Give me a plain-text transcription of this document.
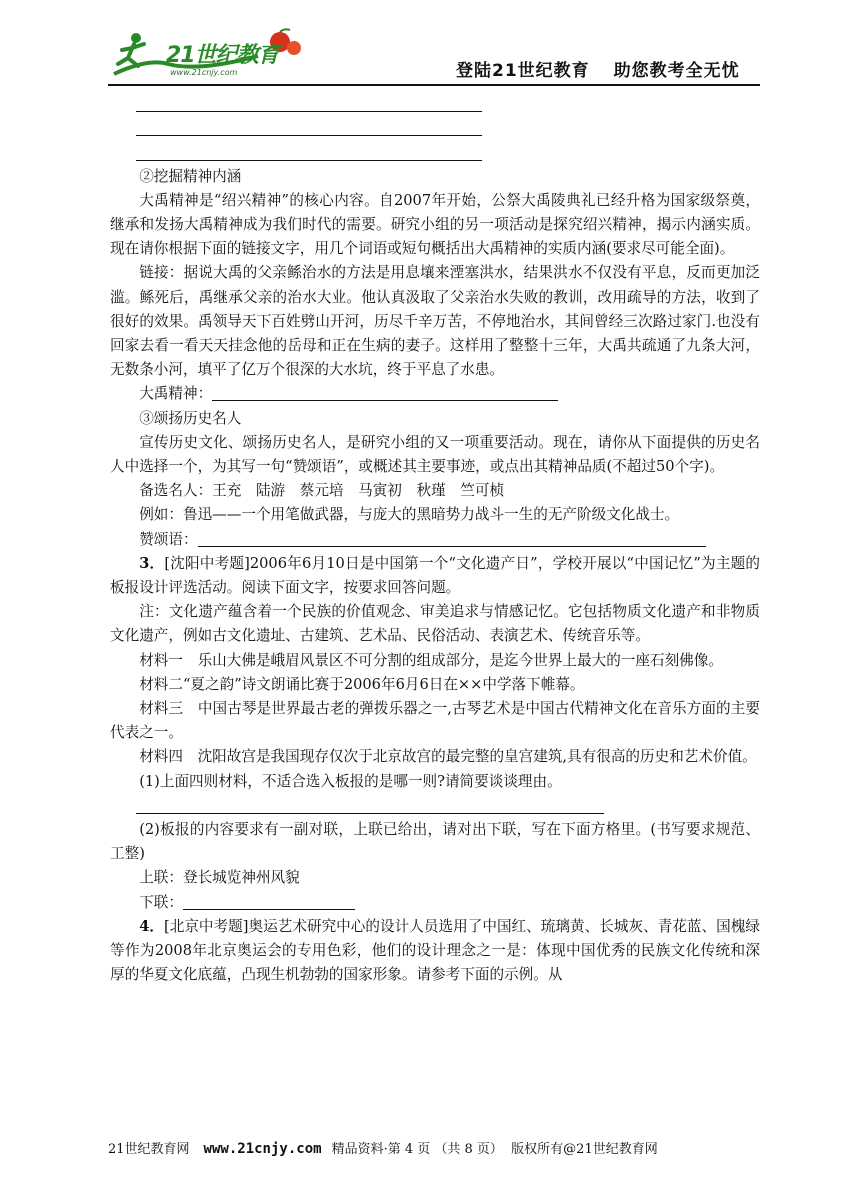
21世纪教育
www.21cnjy.com	登陆21世纪教育 助您教考全无忧

②挖掘精神内涵

大禹精神是“绍兴精神”的核心内容。自2007年开始，公祭大禹陵典礼已经升格为国家级祭奠，继承和发扬大禹精神成为我们时代的需要。研究小组的另一项活动是探究绍兴精神，揭示内涵实质。现在请你根据下面的链接文字，用几个词语或短句概括出大禹精神的实质内涵(要求尽可能全面)。

链接：据说大禹的父亲鲧治水的方法是用息壤来湮塞洪水，结果洪水不仅没有平息，反而更加泛滥。鲧死后，禹继承父亲的治水大业。他认真汲取了父亲治水失败的教训，改用疏导的方法，收到了很好的效果。禹领导天下百姓劈山开河，历尽千辛万苦，不停地治水，其间曾经三次路过家门.也没有回家去看一看天天挂念他的岳母和正在生病的妻子。这样用了整整十三年，大禹共疏通了九条大河，无数条小河，填平了亿万个很深的大水坑，终于平息了水患。

大禹精神：

③颂扬历史名人

宣传历史文化、颂扬历史名人，是研究小组的又一项重要活动。现在，请你从下面提供的历史名人中选择一个，为其写一句“赞颂语”，或概述其主要事迹，或点出其精神品质(不超过50个字)。

备选名人：王充　陆游　蔡元培　马寅初　秋瑾　竺可桢

例如：鲁迅——一个用笔做武器，与庞大的黑暗势力战斗一生的无产阶级文化战士。

赞颂语：

3．[沈阳中考题]2006年6月10日是中国第一个“文化遗产日”，学校开展以“中国记忆”为主题的板报设计评选活动。阅读下面文字，按要求回答问题。

注：文化遗产蕴含着一个民族的价值观念、审美追求与情感记忆。它包括物质文化遗产和非物质文化遗产，例如古文化遗址、古建筑、艺术品、民俗活动、表演艺术、传统音乐等。

材料一　乐山大佛是峨眉风景区不可分割的组成部分，是迄今世界上最大的一座石刻佛像。

材料二“夏之韵”诗文朗诵比赛于2006年6月6日在××中学落下帷幕。

材料三　中国古琴是世界最古老的弹拨乐器之一,古琴艺术是中国古代精神文化在音乐方面的主要代表之一。

材料四　沈阳故宫是我国现存仅次于北京故宫的最完整的皇宫建筑,具有很高的历史和艺术价值。

(1)上面四则材料，不适合选入板报的是哪一则?请简要谈谈理由。

(2)板报的内容要求有一副对联，上联已给出，请对出下联，写在下面方格里。(书写要求规范、工整)

上联：登长城览神州风貌

下联：

4．[北京中考题]奥运艺术研究中心的设计人员选用了中国红、琉璃黄、长城灰、青花蓝、国槐绿等作为2008年北京奥运会的专用色彩，他们的设计理念之一是：体现中国优秀的民族文化传统和深厚的华夏文化底蕴，凸现生机勃勃的国家形象。请参考下面的示例。从

21世纪教育网 www.21cnjy.com 精品资料·第 4 页 （共 8 页） 版权所有@21世纪教育网
